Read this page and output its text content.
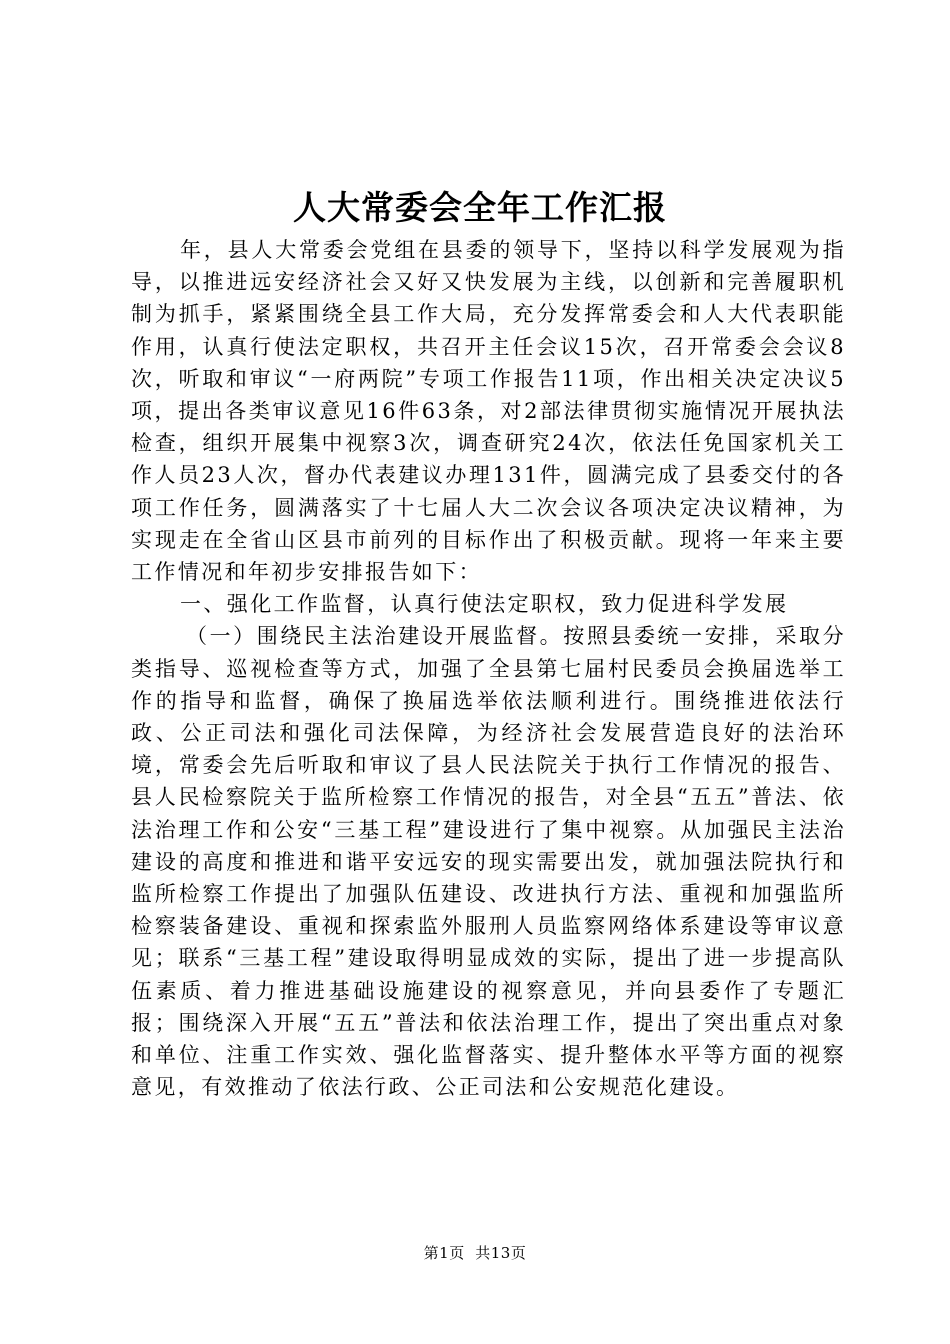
人大常委会全年工作汇报

年，县人大常委会党组在县委的领导下，坚持以科学发展观为指导，以推进远安经济社会又好又快发展为主线，以创新和完善履职机制为抓手，紧紧围绕全县工作大局，充分发挥常委会和人大代表职能作用，认真行使法定职权，共召开主任会议15次，召开常委会会议8次，听取和审议“一府两院”专项工作报告11项，作出相关决定决议5项，提出各类审议意见16件63条，对2部法律贯彻实施情况开展执法检查，组织开展集中视察3次，调查研究24次，依法任免国家机关工作人员23人次，督办代表建议办理131件，圆满完成了县委交付的各项工作任务，圆满落实了十七届人大二次会议各项决定决议精神，为实现走在全省山区县市前列的目标作出了积极贡献。现将一年来主要工作情况和年初步安排报告如下：

一、强化工作监督，认真行使法定职权，致力促进科学发展

（一）围绕民主法治建设开展监督。按照县委统一安排，采取分类指导、巡视检查等方式，加强了全县第七届村民委员会换届选举工作的指导和监督，确保了换届选举依法顺利进行。围绕推进依法行政、公正司法和强化司法保障，为经济社会发展营造良好的法治环境，常委会先后听取和审议了县人民法院关于执行工作情况的报告、县人民检察院关于监所检察工作情况的报告，对全县“五五”普法、依法治理工作和公安“三基工程”建设进行了集中视察。从加强民主法治建设的高度和推进和谐平安远安的现实需要出发，就加强法院执行和监所检察工作提出了加强队伍建设、改进执行方法、重视和加强监所检察装备建设、重视和探索监外服刑人员监察网络体系建设等审议意见；联系“三基工程”建设取得明显成效的实际，提出了进一步提高队伍素质、着力推进基础设施建设的视察意见，并向县委作了专题汇报；围绕深入开展“五五”普法和依法治理工作，提出了突出重点对象和单位、注重工作实效、强化监督落实、提升整体水平等方面的视察意见，有效推动了依法行政、公正司法和公安规范化建设。

第1页  共13页
